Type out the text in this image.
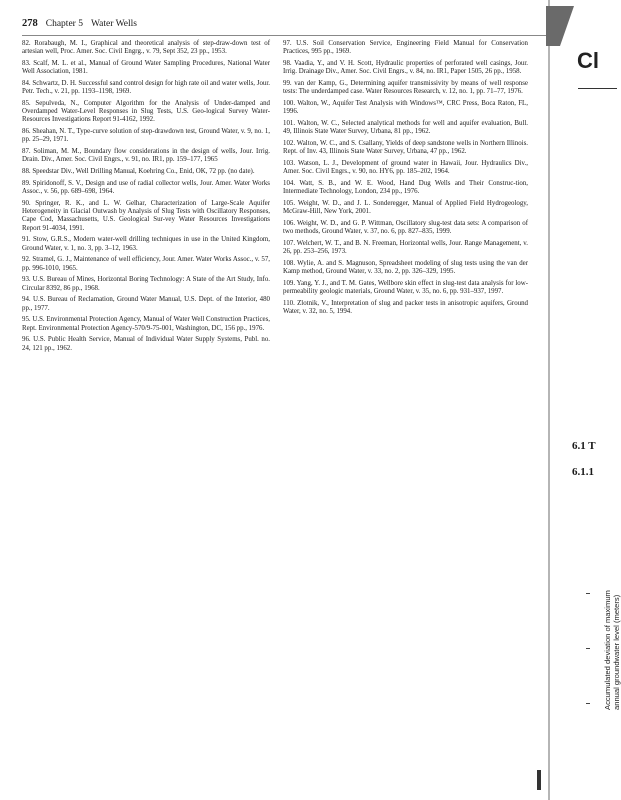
278 Chapter 5 Water Wells

82. Rorabaugh, M. I., Graphical and theoretical analysis of step-draw-down test of artesian well, Proc. Amer. Soc. Civil Engrg., v. 79, Sept 352, 23 pp., 1953.

83. Scalf, M. L. et al., Manual of Ground Water Sampling Procedures, National Water Well Association, 1981.

84. Schwartz, D. H. Successful sand control design for high rate oil and water wells, Jour. Petr. Tech., v. 21, pp. 1193–1198, 1969.

85. Sepulveda, N., Computer Algorithm for the Analysis of Under-damped and Overdamped Water-Level Responses in Slug Tests, U.S. Geo-logical Survey Water-Resources Investigations Report 91-4162, 1992.

86. Sheahan, N. T., Type-curve solution of step-drawdown test, Ground Water, v. 9, no. 1, pp. 25–29, 1971.

87. Soliman, M. M., Boundary flow considerations in the design of wells, Jour. Irrig. Drain. Div., Amer. Soc. Civil Engrs., v. 91, no. IR1, pp. 159–177, 1965

88. Speedstar Div., Well Drilling Manual, Koehring Co., Enid, OK, 72 pp. (no date).

89. Spiridonoff, S. V., Design and use of radial collector wells, Jour. Amer. Water Works Assoc., v. 56, pp. 689–698, 1964.

90. Springer, R. K., and L. W. Gelhar, Characterization of Large-Scale Aquifer Heterogeneity in Glacial Outwash by Analysis of Slug Tests with Oscillatory Responses, Cape Cod, Massachusetts, U.S. Geological Sur-vey Water Resources Investigations Report 91-4034, 1991.

91. Stow, G.R.S., Modern water-well drilling techniques in use in the United Kingdom, Ground Water, v. 1, no. 3, pp. 3–12, 1963.

92. Stramel, G. J., Maintenance of well efficiency, Jour. Amer. Water Works Assoc., v. 57, pp. 996-1010, 1965.

93. U.S. Bureau of Mines, Horizontal Boring Technology: A State of the Art Study, Info. Circular 8392, 86 pp., 1968.

94. U.S. Bureau of Reclamation, Ground Water Manual, U.S. Dept. of the Interior, 480 pp., 1977.

95. U.S. Environmental Protection Agency, Manual of Water Well Construction Practices, Rept. Environmental Protection Agency-570/9-75-001, Washington, DC, 156 pp., 1976.

96. U.S. Public Health Service, Manual of Individual Water Supply Systems, Publ. no. 24, 121 pp., 1962.

97. U.S. Soil Conservation Service, Engineering Field Manual for Conservation Practices, 995 pp., 1969.

98. Vaadia, Y., and V. H. Scott, Hydraulic properties of perforated well casings, Jour. Irrig. Drainage Div., Amer. Soc. Civil Engrs., v. 84, no. IR1, Paper 1505, 26 pp., 1958.

99. van der Kamp, G., Determining aquifer transmissivity by means of well response tests: The underdamped case. Water Resources Research, v. 12, no. 1, pp. 71–77, 1976.

100. Walton, W., Aquifer Test Analysis with Windows™, CRC Press, Boca Raton, FL, 1996.

101. Walton, W. C., Selected analytical methods for well and aquifer evaluation, Bull. 49, Illinois State Water Survey, Urbana, 81 pp., 1962.

102. Walton, W. C., and S. Csallany, Yields of deep sandstone wells in Northern Illinois. Rept. of Inv. 43, Illinois State Water Survey, Urbana, 47 pp., 1962.

103. Watson, L. J., Development of ground water in Hawaii, Jour. Hydraulics Div., Amer. Soc. Civil Engrs., v. 90, no. HY6, pp. 185–202, 1964.

104. Watt, S. B., and W. E. Wood, Hand Dug Wells and Their Construc-tion, Intermediate Technology, London, 234 pp., 1976.

105. Weight, W. D., and J. L. Sonderegger, Manual of Applied Field Hydrogeology, McGraw-Hill, New York, 2001.

106. Weight, W. D., and G. P. Wittman, Oscillatory slug-test data sets: A comparison of two methods, Ground Water, v. 37, no. 6, pp. 827–835, 1999.

107. Welchert, W. T., and B. N. Freeman, Horizontal wells, Jour. Range Management, v. 26, pp. 253–256, 1973.

108. Wylie, A. and S. Magnuson, Spreadsheet modeling of slug tests using the van der Kamp method, Ground Water, v. 33, no. 2, pp. 326–329, 1995.

109. Yang, Y. J., and T. M. Gates, Wellbore skin effect in slug-test data analysis for low-permeability geologic materials, Ground Water, v. 35, no. 6, pp. 931–937, 1997.

110. Zlotnik, V., Interpretation of slug and packer tests in anisotropic aquifers, Ground Water, v. 32, no. 5, 1994.

Cl
6.1 T
6.1.1
Accumulated deviation of maximum annual groundwater level (meters)
